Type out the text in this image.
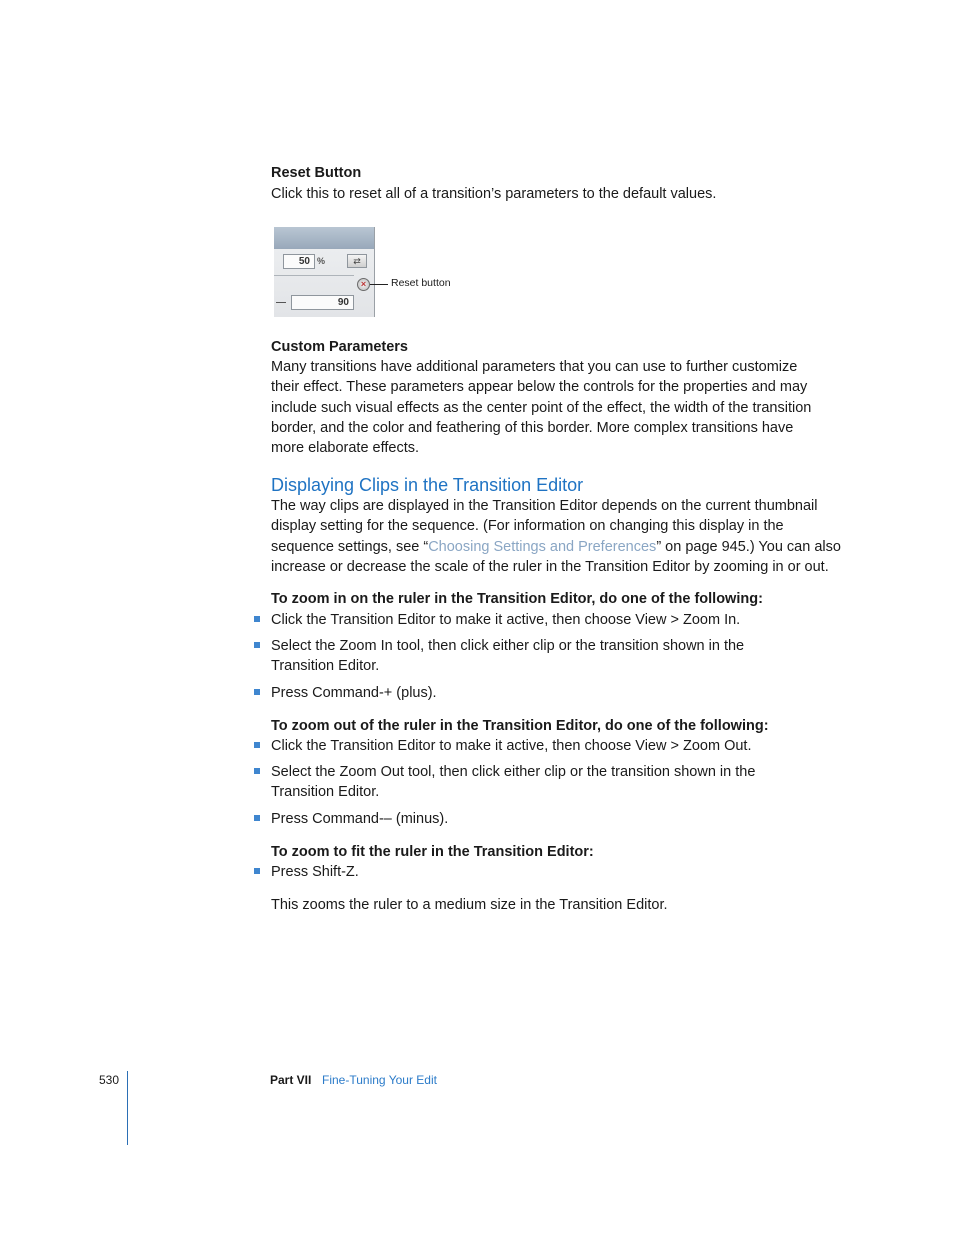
Reset Button
Click this to reset all of a transition’s parameters to the default values.
50 %	⇄
×
90
Reset button
Custom Parameters
Many transitions have additional parameters that you can use to further customize
their effect. These parameters appear below the controls for the properties and may
include such visual effects as the center point of the effect, the width of the transition
border, and the color and feathering of this border. More complex transitions have
more elaborate effects.
Displaying Clips in the Transition Editor
The way clips are displayed in the Transition Editor depends on the current thumbnail
display setting for the sequence. (For information on changing this display in the
sequence settings, see “Choosing Settings and Preferences” on page 945.) You can also
increase or decrease the scale of the ruler in the Transition Editor by zooming in or out.
To zoom in on the ruler in the Transition Editor, do one of the following:
Click the Transition Editor to make it active, then choose View > Zoom In.
Select the Zoom In tool, then click either clip or the transition shown in the
Transition Editor.
Press Command-+ (plus).
To zoom out of the ruler in the Transition Editor, do one of the following:
Click the Transition Editor to make it active, then choose View > Zoom Out.
Select the Zoom Out tool, then click either clip or the transition shown in the
Transition Editor.
Press Command-– (minus).
To zoom to fit the ruler in the Transition Editor:
Press Shift-Z.
This zooms the ruler to a medium size in the Transition Editor.
530	Part VII Fine-Tuning Your Edit
